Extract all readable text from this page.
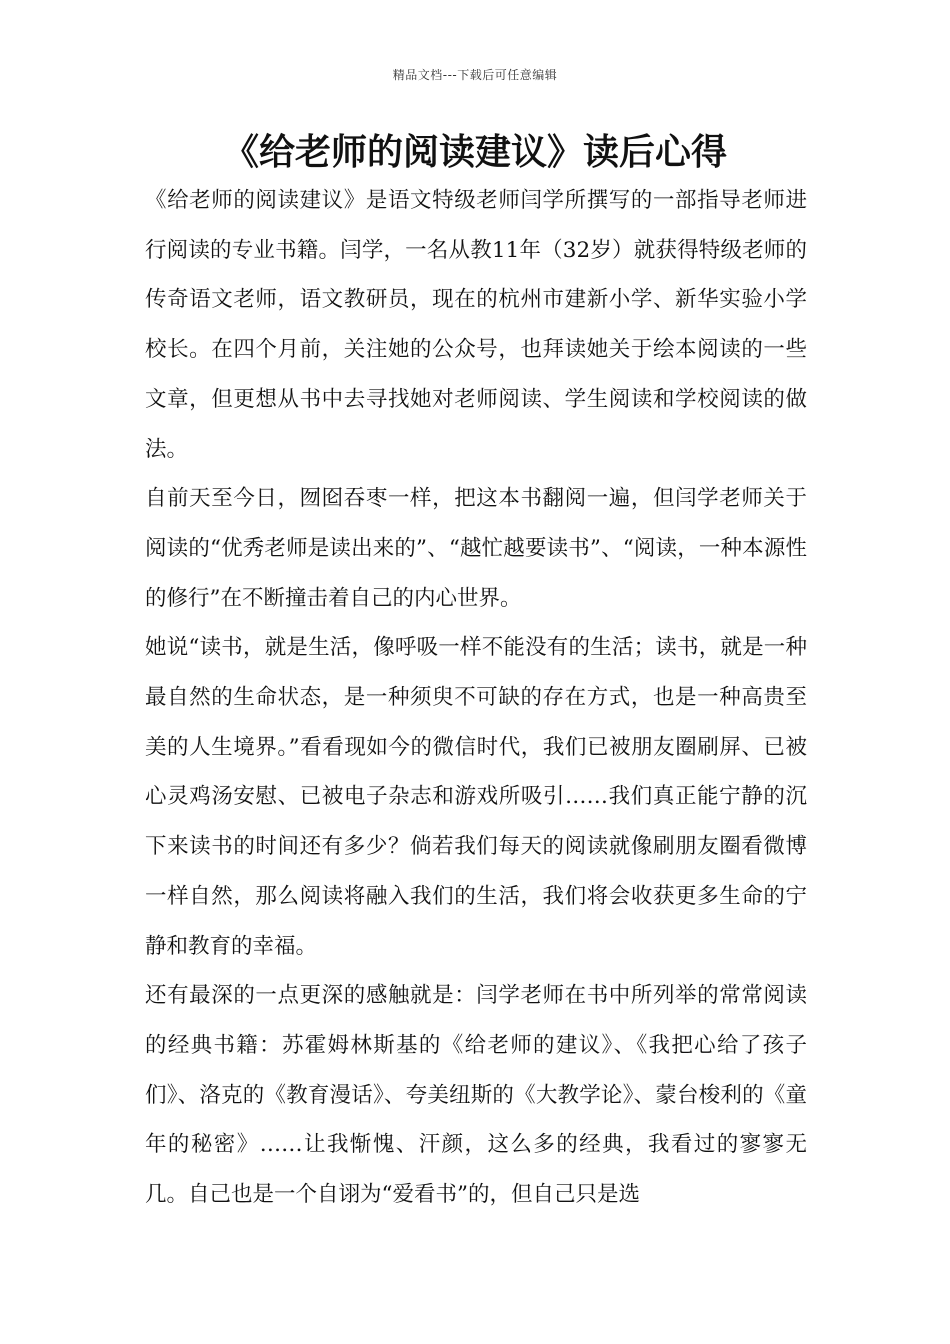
精品文档---下载后可任意编辑
《给老师的阅读建议》读后心得

《给老师的阅读建议》是语文特级老师闫学所撰写的一部指导老师进行阅读的专业书籍。闫学，一名从教11年（32岁）就获得特级老师的传奇语文老师，语文教研员，现在的杭州市建新小学、新华实验小学校长。在四个月前，关注她的公众号，也拜读她关于绘本阅读的一些文章，但更想从书中去寻找她对老师阅读、学生阅读和学校阅读的做法。

自前天至今日，囫囵吞枣一样，把这本书翻阅一遍，但闫学老师关于阅读的“优秀老师是读出来的”、“越忙越要读书”、“阅读，一种本源性的修行”在不断撞击着自己的内心世界。

她说“读书，就是生活，像呼吸一样不能没有的生活；读书，就是一种最自然的生命状态，是一种须臾不可缺的存在方式，也是一种高贵至美的人生境界。”看看现如今的微信时代，我们已被朋友圈刷屏、已被心灵鸡汤安慰、已被电子杂志和游戏所吸引……我们真正能宁静的沉下来读书的时间还有多少？倘若我们每天的阅读就像刷朋友圈看微博一样自然，那么阅读将融入我们的生活，我们将会收获更多生命的宁静和教育的幸福。

还有最深的一点更深的感触就是：闫学老师在书中所列举的常常阅读的经典书籍：苏霍姆林斯基的《给老师的建议》、《我把心给了孩子们》、洛克的《教育漫话》、夸美纽斯的《大教学论》、蒙台梭利的《童年的秘密》……让我惭愧、汗颜，这么多的经典，我看过的寥寥无几。自己也是一个自诩为“爱看书”的，但自己只是选
